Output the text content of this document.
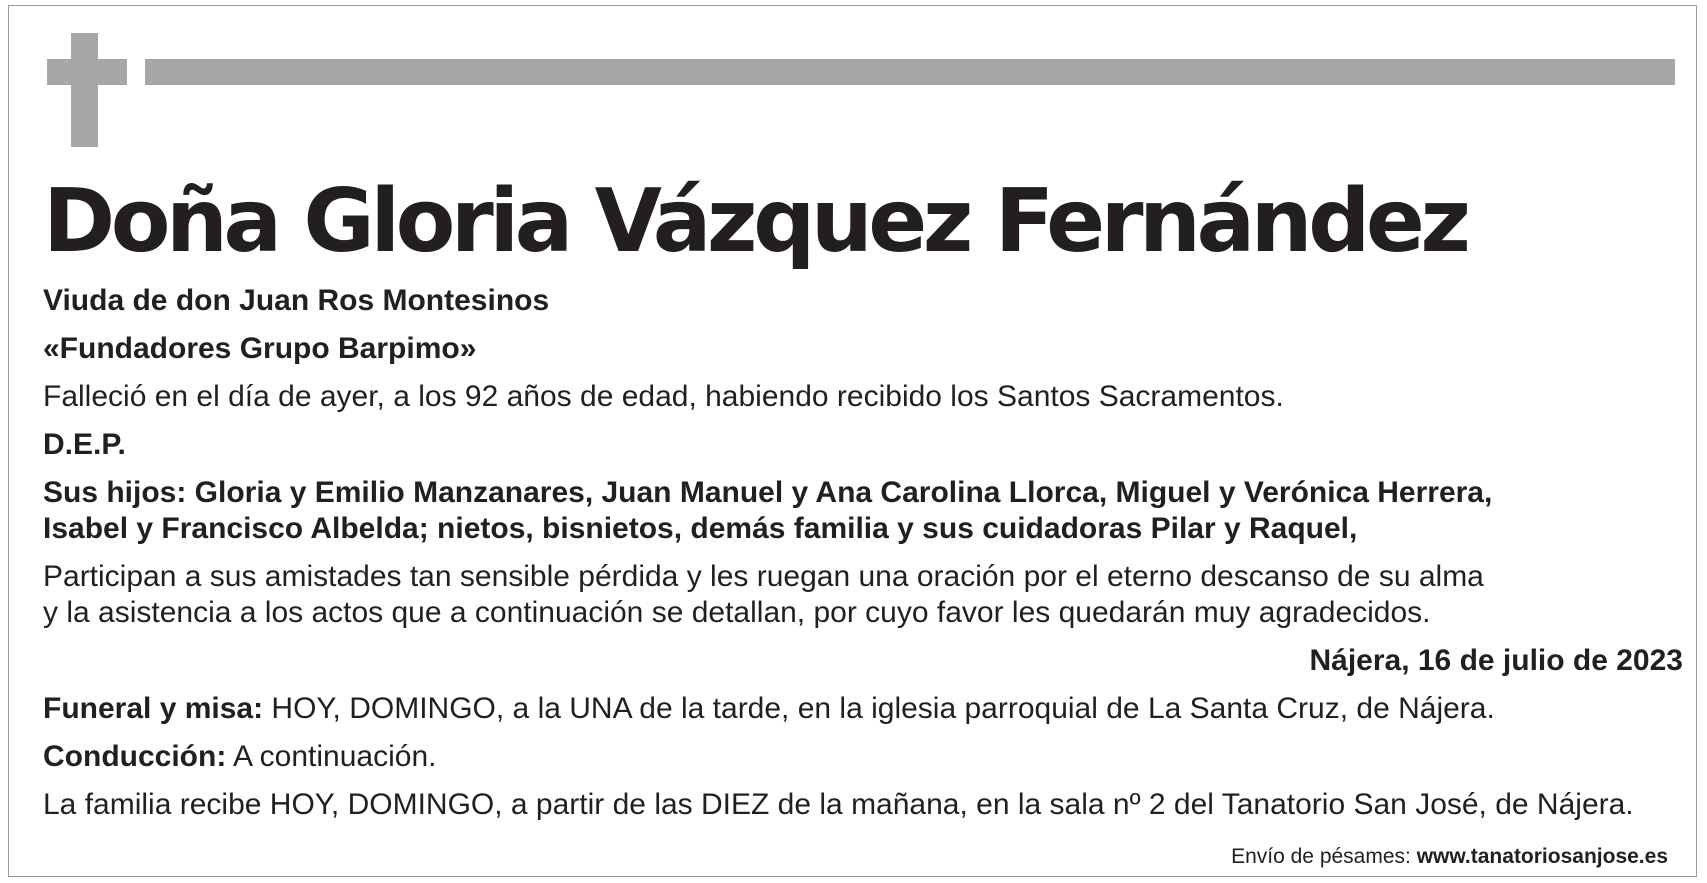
Doña Gloria Vázquez Fernández

Viuda de don Juan Ros Montesinos

«Fundadores Grupo Barpimo»

Falleció en el día de ayer, a los 92 años de edad, habiendo recibido los Santos Sacramentos.

D.E.P.

Sus hijos: Gloria y Emilio Manzanares, Juan Manuel y Ana Carolina Llorca, Miguel y Verónica Herrera,

Isabel y Francisco Albelda; nietos, bisnietos, demás familia y sus cuidadoras Pilar y Raquel,

Participan a sus amistades tan sensible pérdida y les ruegan una oración por el eterno descanso de su alma

y la asistencia a los actos que a continuación se detallan, por cuyo favor les quedarán muy agradecidos.

Nájera, 16 de julio de 2023

Funeral y misa: HOY, DOMINGO, a la UNA de la tarde, en la iglesia parroquial de La Santa Cruz, de Nájera.

Conducción: A continuación.

La familia recibe HOY, DOMINGO, a partir de las DIEZ de la mañana, en la sala nº 2 del Tanatorio San José, de Nájera.

Envío de pésames: www.tanatoriosanjose.es
